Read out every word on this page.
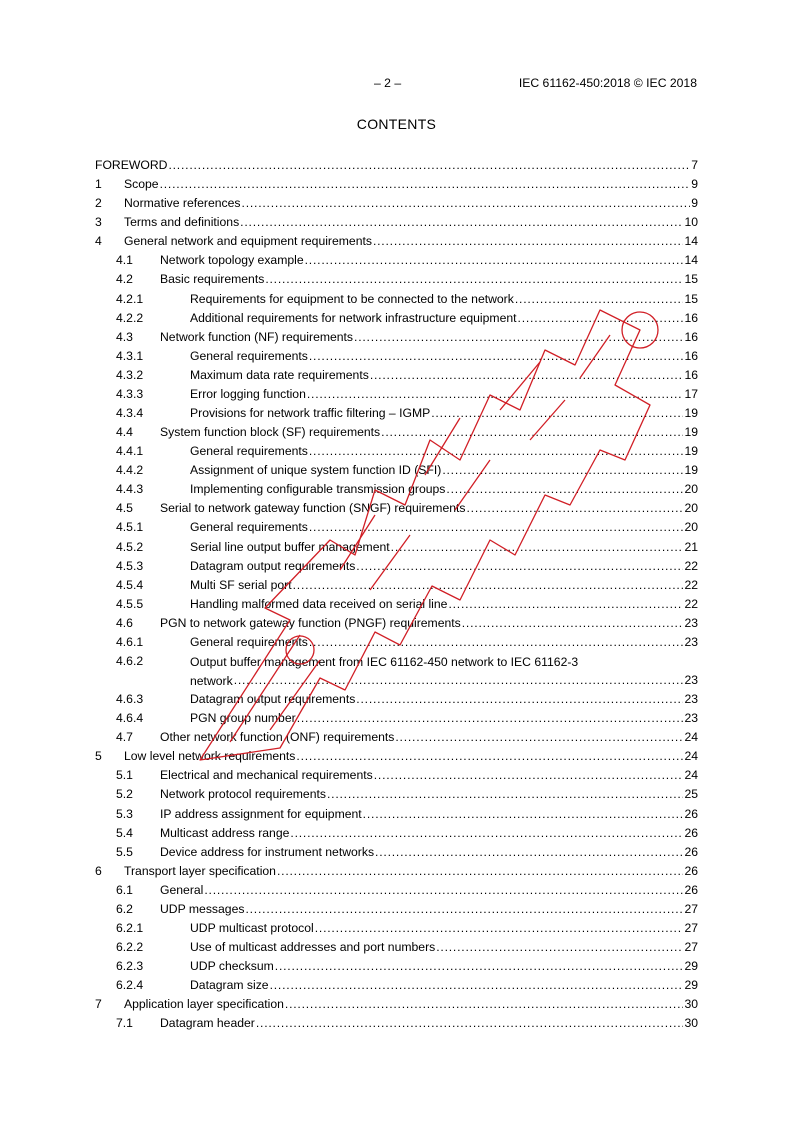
– 2 –	IEC 61162-450:2018 © IEC 2018
CONTENTS
FOREWORD . . .	7
1 Scope . . .	9
2 Normative references . . .	9
3 Terms and definitions . . .	10
4 General network and equipment requirements . . .	14
4.1 Network topology example . . .	14
4.2 Basic requirements . . .	15
4.2.1	Requirements for equipment to be connected to the network . . .	15
4.2.2	Additional requirements for network infrastructure equipment . . .	16
4.3 Network function (NF) requirements . . .	16
4.3.1	General requirements . . .	16
4.3.2	Maximum data rate requirements . . .	16
4.3.3	Error logging function . . .	17
4.3.4	Provisions for network traffic filtering – IGMP . . .	19
4.4 System function block (SF) requirements . . .	19
4.4.1	General requirements . . .	19
4.4.2	Assignment of unique system function ID (SFI) . . .	19
4.4.3	Implementing configurable transmission groups . . .	20
4.5 Serial to network gateway function (SNGF) requirements . . .	20
4.5.1	General requirements . . .	20
4.5.2	Serial line output buffer management . . .	21
4.5.3	Datagram output requirements . . .	22
4.5.4	Multi SF serial port . . .	22
4.5.5	Handling malformed data received on serial line . . .	22
4.6 PGN to network gateway function (PNGF) requirements . . .	23
4.6.1	General requirements . . .	23
4.6.2	Output buffer management from IEC 61162-450 network to IEC 61162-3
network . . .	23
4.6.3	Datagram output requirements . . .	23
4.6.4	PGN group number . . .	23
4.7 Other network function (ONF) requirements . . .	24
5 Low level network requirements . . .	24
5.1 Electrical and mechanical requirements . . .	24
5.2 Network protocol requirements . . .	25
5.3 IP address assignment for equipment . . .	26
5.4 Multicast address range . . .	26
5.5 Device address for instrument networks . . .	26
6 Transport layer specification . . .	26
6.1 General . . .	26
6.2 UDP messages . . .	27
6.2.1	UDP multicast protocol . . .	27
6.2.2	Use of multicast addresses and port numbers . . .	27
6.2.3	UDP checksum . . .	29
6.2.4	Datagram size . . .	29
7 Application layer specification . . .	30
7.1 Datagram header . . .	30
